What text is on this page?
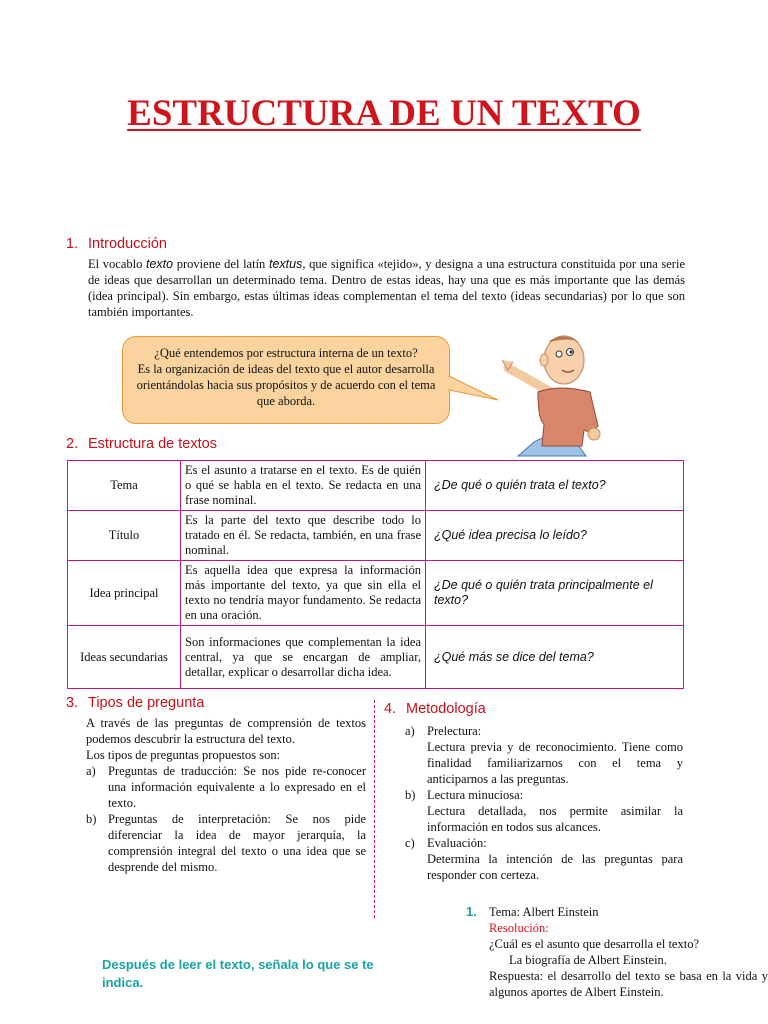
ESTRUCTURA DE UN TEXTO
1. Introducción
El vocablo texto proviene del latín textus, que significa «tejido», y designa a una estructura constituida por una serie de ideas que desarrollan un determinado tema. Dentro de estas ideas, hay una que es más importante que las demás (idea principal). Sin embargo, estas últimas ideas complementan el tema del texto (ideas secundarias) por lo que son también importantes.
¿Qué entendemos por estructura interna de un texto?
Es la organización de ideas del texto que el autor desarrolla orientándolas hacia sus propósitos y de acuerdo con el tema que aborda.
2. Estructura de textos
Tema	Es el asunto a tratarse en el texto. Es de quién o qué se habla en el texto. Se redacta en una frase nominal.	¿De qué o quién trata el texto?
Título	Es la parte del texto que describe todo lo tratado en él. Se redacta, también, en una frase nominal.	¿Qué idea precisa lo leído?
Idea principal	Es aquella idea que expresa la información más importante del texto, ya que sin ella el texto no tendría mayor fundamento. Se redacta en una oración.	¿De qué o quién trata principalmente el texto?
Ideas secundarias	Son informaciones que complementan la idea central, ya que se encargan de ampliar, detallar, explicar o desarrollar dicha idea.	¿Qué más se dice del tema?
3. Tipos de pregunta
A través de las preguntas de comprensión de textos podemos descubrir la estructura del texto.
Los tipos de preguntas propuestos son:
a) Preguntas de traducción: Se nos pide re-conocer una información equivalente a lo expresado en el texto.
b) Preguntas de interpretación: Se nos pide diferenciar la idea de mayor jerarquía, la comprensión integral del texto o una idea que se desprende del mismo.
Después de leer el texto, señala lo que se te indica.
4. Metodología
a) Prelectura:
Lectura previa y de reconocimiento. Tiene como finalidad familiarizarnos con el tema y anticiparnos a las preguntas.
b) Lectura minuciosa:
Lectura detallada, nos permite asimilar la información en todos sus alcances.
c) Evaluación:
Determina la intención de las preguntas para responder con certeza.
1. Tema: Albert Einstein
Resolución:
¿Cuál es el asunto que desarrolla el texto?
La biografía de Albert Einstein.
Respuesta: el desarrollo del texto se basa en la vida y algunos aportes de Albert Einstein.
